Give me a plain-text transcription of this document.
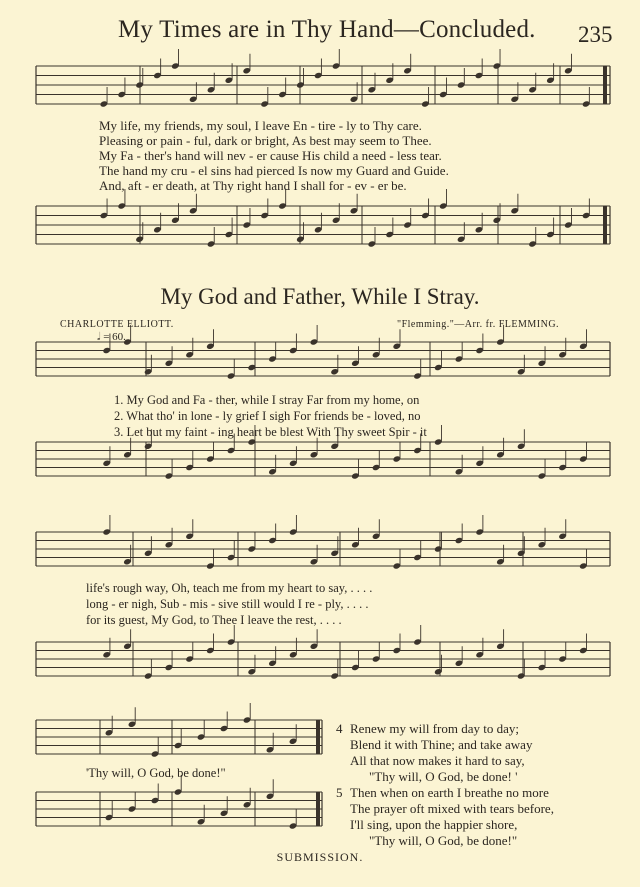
My Times are in Thy Hand—Concluded. 235
My life, my friends, my soul, I leave En - tire - ly to Thy care.
Pleasing or pain - ful, dark or bright, As best may seem to Thee.
My Fa - ther's hand will nev - er cause His child a need - less tear.
The hand my cru - el sins had pierced Is now my Guard and Guide.
And, aft - er death, at Thy right hand I shall for - ev - er be.
My God and Father, While I Stray.
CHARLOTTE ELLIOTT.	"Flemming."—Arr. fr. FLEMMING.
𝅗𝅥 = 60.
1. My God and Fa - ther, while I stray Far from my home, on
2. What tho' in lone - ly grief I sigh For friends be - loved, no
3. Let but my faint - ing heart be blest With Thy sweet Spir - it
life's rough way, Oh, teach me from my heart to say, . . . .
long - er nigh, Sub - mis - sive still would I re - ply, . . . .
for its guest, My God, to Thee I leave the rest, . . . .
'Thy will, O God, be done!"
4 Renew my will from day to day;
Blend it with Thine; and take away
All that now makes it hard to say,
"Thy will, O God, be done! '
5 Then when on earth I breathe no more
The prayer oft mixed with tears before,
I'll sing, upon the happier shore,
"Thy will, O God, be done!"
SUBMISSION.
